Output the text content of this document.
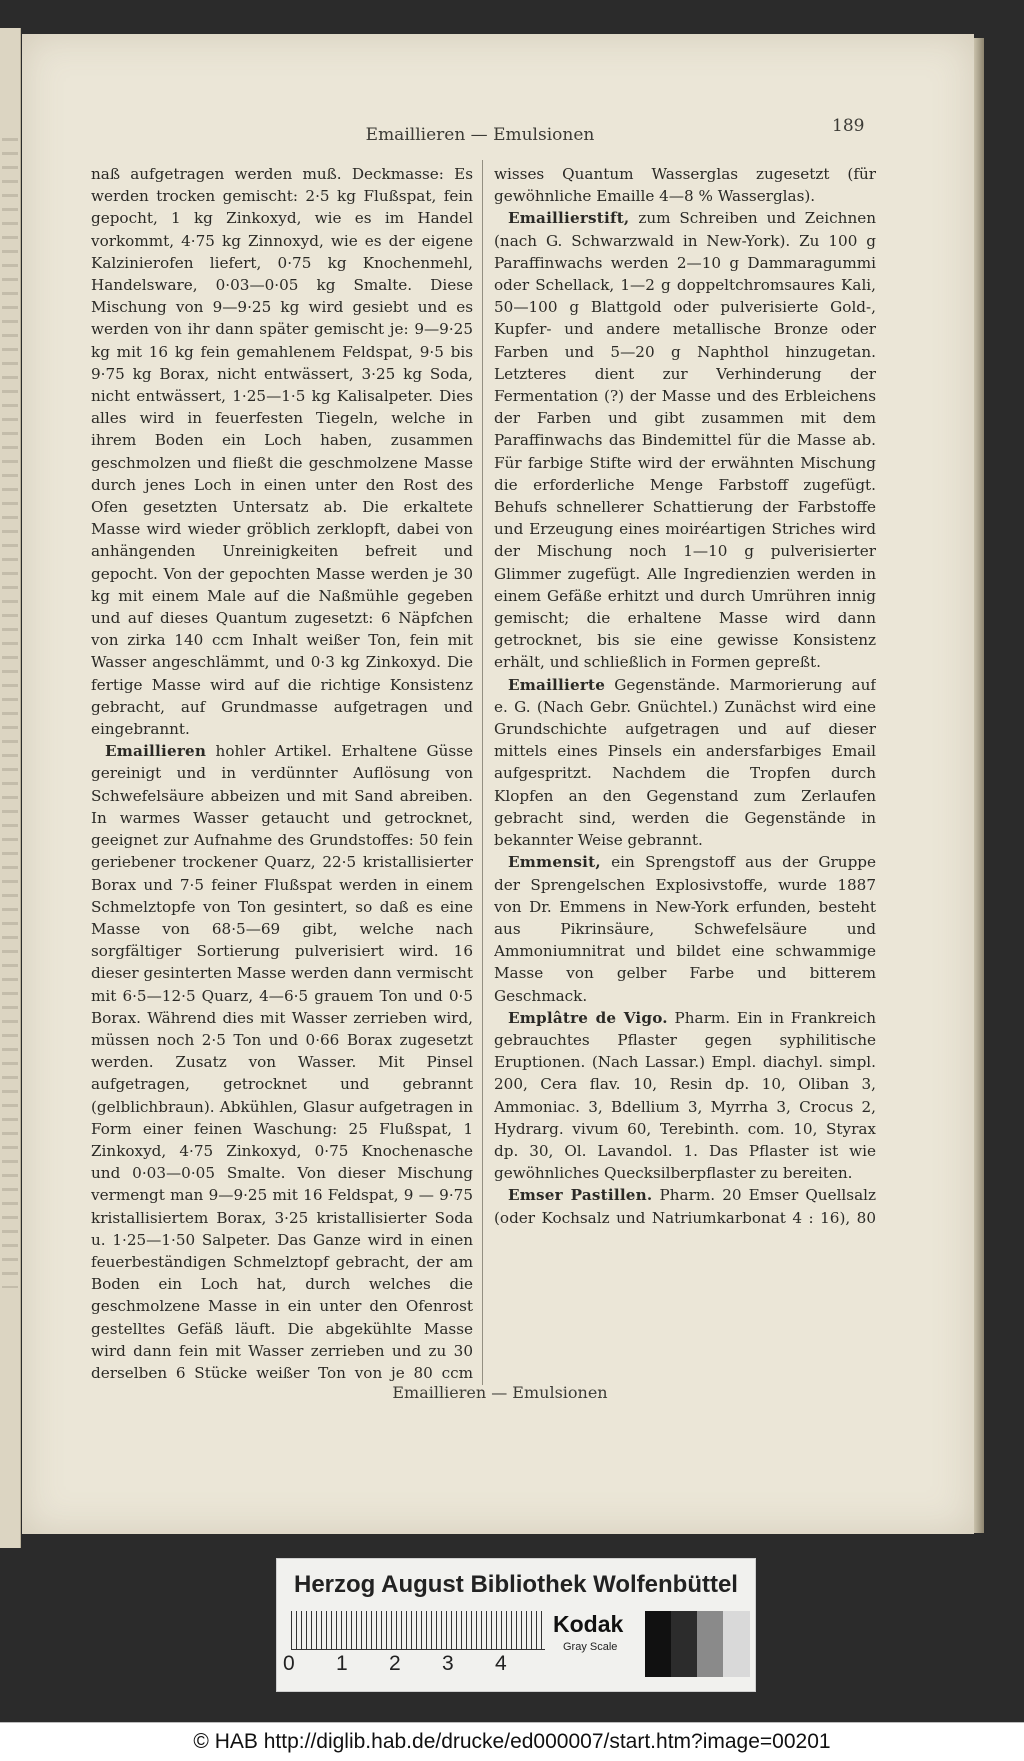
Emaillieren — Emulsionen	189

naß aufgetragen werden muß. Deckmasse: Es werden trocken gemischt: 2·5 kg Flußspat, fein gepocht, 1 kg Zinkoxyd, wie es im Handel vorkommt, 4·75 kg Zinnoxyd, wie es der eigene Kalzinierofen liefert, 0·75 kg Knochenmehl, Handelsware, 0·03—0·05 kg Smalte. Diese Mischung von 9—9·25 kg wird gesiebt und es werden von ihr dann später gemischt je: 9—9·25 kg mit 16 kg fein gemahlenem Feldspat, 9·5 bis 9·75 kg Borax, nicht entwässert, 3·25 kg Soda, nicht entwässert, 1·25—1·5 kg Kalisalpeter. Dies alles wird in feuerfesten Tiegeln, welche in ihrem Boden ein Loch haben, zusammen geschmolzen und fließt die geschmolzene Masse durch jenes Loch in einen unter den Rost des Ofen gesetzten Untersatz ab. Die erkaltete Masse wird wieder gröblich zerklopft, dabei von anhängenden Unreinigkeiten befreit und gepocht. Von der gepochten Masse werden je 30 kg mit einem Male auf die Naßmühle gegeben und auf dieses Quantum zugesetzt: 6 Näpfchen von zirka 140 ccm Inhalt weißer Ton, fein mit Wasser angeschlämmt, und 0·3 kg Zinkoxyd. Die fertige Masse wird auf die richtige Konsistenz gebracht, auf Grundmasse aufgetragen und eingebrannt.

Emaillieren hohler Artikel. Erhaltene Güsse gereinigt und in verdünnter Auflösung von Schwefelsäure abbeizen und mit Sand abreiben. In warmes Wasser getaucht und getrocknet, geeignet zur Aufnahme des Grundstoffes: 50 fein geriebener trockener Quarz, 22·5 kristallisierter Borax und 7·5 feiner Flußspat werden in einem Schmelztopfe von Ton gesintert, so daß es eine Masse von 68·5—69 gibt, welche nach sorgfältiger Sortierung pulverisiert wird. 16 dieser gesinterten Masse werden dann vermischt mit 6·5—12·5 Quarz, 4—6·5 grauem Ton und 0·5 Borax. Während dies mit Wasser zerrieben wird, müssen noch 2·5 Ton und 0·66 Borax zugesetzt werden. Zusatz von Wasser. Mit Pinsel aufgetragen, getrocknet und gebrannt (gelblichbraun). Abkühlen, Glasur aufgetragen in Form einer feinen Waschung: 25 Flußspat, 1 Zinkoxyd, 4·75 Zinkoxyd, 0·75 Knochenasche und 0·03—0·05 Smalte. Von dieser Mischung vermengt man 9—9·25 mit 16 Feldspat, 9 — 9·75 kristallisiertem Borax, 3·25 kristallisierter Soda u. 1·25—1·50 Salpeter. Das Ganze wird in einen feuerbeständigen Schmelztopf gebracht, der am Boden ein Loch hat, durch welches die geschmolzene Masse in ein unter den Ofenrost gestelltes Gefäß läuft. Die abgekühlte Masse wird dann fein mit Wasser zerrieben und zu 30 derselben 6 Stücke weißer Ton von je 80 ccm

wisses Quantum Wasserglas zugesetzt (für gewöhnliche Emaille 4—8 % Wasserglas).

Emaillierstift, zum Schreiben und Zeichnen (nach G. Schwarzwald in New-York). Zu 100 g Paraffinwachs werden 2—10 g Dammaragummi oder Schellack, 1—2 g doppeltchromsaures Kali, 50—100 g Blattgold oder pulverisierte Gold-, Kupfer- und andere metallische Bronze oder Farben und 5—20 g Naphthol hinzugetan. Letzteres dient zur Verhinderung der Fermentation (?) der Masse und des Erbleichens der Farben und gibt zusammen mit dem Paraffinwachs das Bindemittel für die Masse ab. Für farbige Stifte wird der erwähnten Mischung die erforderliche Menge Farbstoff zugefügt. Behufs schnellerer Schattierung der Farbstoffe und Erzeugung eines moiréartigen Striches wird der Mischung noch 1—10 g pulverisierter Glimmer zugefügt. Alle Ingredienzien werden in einem Gefäße erhitzt und durch Umrühren innig gemischt; die erhaltene Masse wird dann getrocknet, bis sie eine gewisse Konsistenz erhält, und schließlich in Formen gepreßt.

Emaillierte Gegenstände. Marmorierung auf e. G. (Nach Gebr. Gnüchtel.) Zunächst wird eine Grundschichte aufgetragen und auf dieser mittels eines Pinsels ein andersfarbiges Email aufgespritzt. Nachdem die Tropfen durch Klopfen an den Gegenstand zum Zerlaufen gebracht sind, werden die Gegenstände in bekannter Weise gebrannt.

Emmensit, ein Sprengstoff aus der Gruppe der Sprengelschen Explosivstoffe, wurde 1887 von Dr. Emmens in New-York erfunden, besteht aus Pikrinsäure, Schwefelsäure und Ammoniumnitrat und bildet eine schwammige Masse von gelber Farbe und bitterem Geschmack.

Emplâtre de Vigo. Pharm. Ein in Frankreich gebrauchtes Pflaster gegen syphilitische Eruptionen. (Nach Lassar.) Empl. diachyl. simpl. 200, Cera flav. 10, Resin dp. 10, Oliban 3, Ammoniac. 3, Bdellium 3, Myrrha 3, Crocus 2, Hydrarg. vivum 60, Terebinth. com. 10, Styrax dp. 30, Ol. Lavandol. 1. Das Pflaster ist wie gewöhnliches Quecksilberpflaster zu bereiten.

Emser Pastillen. Pharm. 20 Emser Quellsalz (oder Kochsalz und Natriumkarbonat 4 : 16), 80

Emaillieren — Emulsionen
Herzog August Bibliothek Wolfenbüttel
0 1 2 3 4
Kodak
Gray Scale
© HAB http://diglib.hab.de/drucke/ed000007/start.htm?image=00201
